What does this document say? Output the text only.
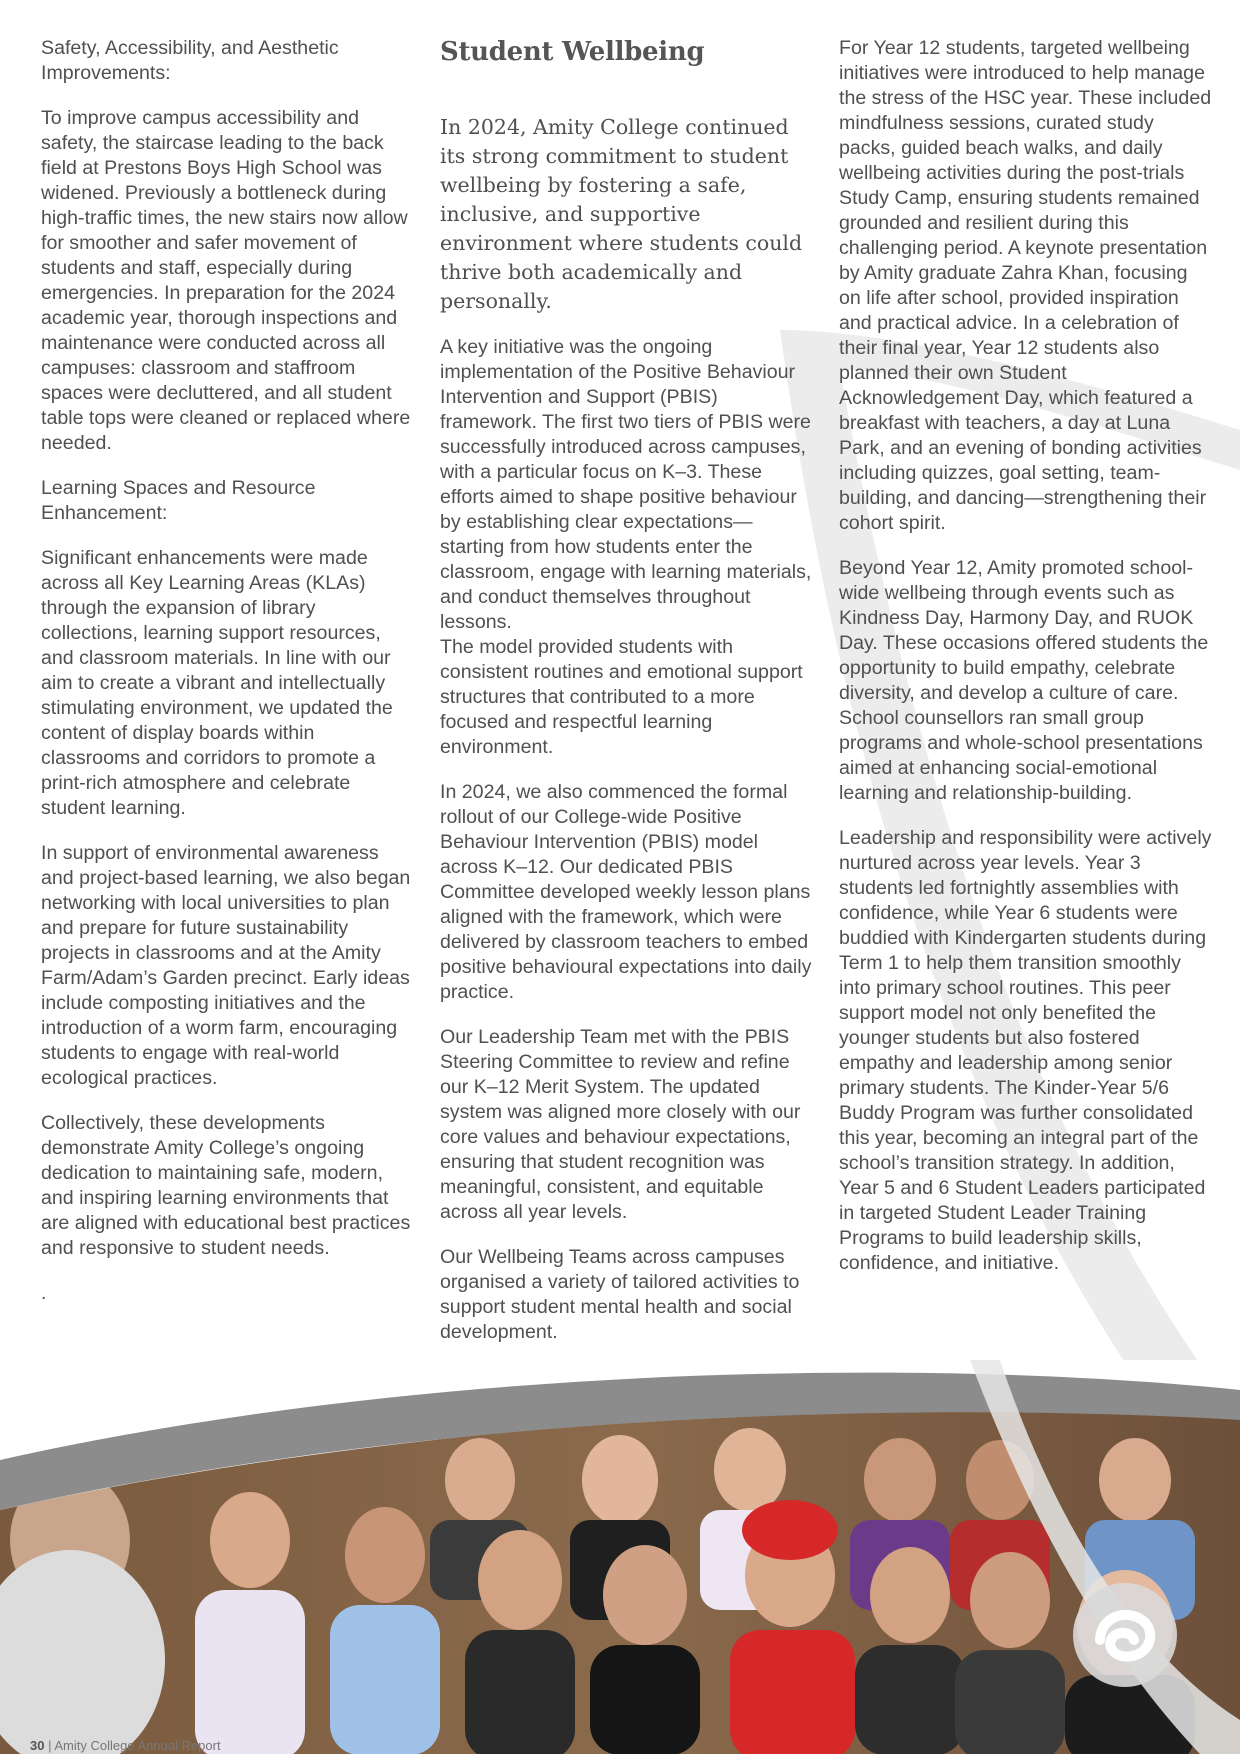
Safety, Accessibility, and Aesthetic Improvements:

To improve campus accessibility and safety, the staircase leading to the back field at Prestons Boys High School was widened. Previously a bottleneck during high-traffic times, the new stairs now allow for smoother and safer movement of students and staff, especially during emergencies. In preparation for the 2024 academic year, thorough inspections and maintenance were conducted across all campuses: classroom and staffroom spaces were decluttered, and all student table tops were cleaned or replaced where needed.

Learning Spaces and Resource Enhancement:

Significant enhancements were made across all Key Learning Areas (KLAs) through the expansion of library collections, learning support resources, and classroom materials. In line with our aim to create a vibrant and intellectually stimulating environment, we updated the content of display boards within classrooms and corridors to promote a print-rich atmosphere and celebrate student learning.

In support of environmental awareness and project-based learning, we also began networking with local universities to plan and prepare for future sustainability projects in classrooms and at the Amity Farm/Adam’s Garden precinct. Early ideas include composting initiatives and the introduction of a worm farm, encouraging students to engage with real-world ecological practices.

Collectively, these developments demonstrate Amity College’s ongoing dedication to maintaining safe, modern, and inspiring learning environments that are aligned with educational best practices and responsive to student needs.

.

Student Wellbeing

In 2024, Amity College continued its strong commitment to student wellbeing by fostering a safe, inclusive, and supportive environment where students could thrive both academically and personally.

A key initiative was the ongoing implementation of the Positive Behaviour Intervention and Support (PBIS) framework. The first two tiers of PBIS were successfully introduced across campuses, with a particular focus on K–3. These efforts aimed to shape positive behaviour by establishing clear expectations—starting from how students enter the classroom, engage with learning materials, and conduct themselves throughout lessons.

The model provided students with consistent routines and emotional support structures that contributed to a more focused and respectful learning environment.

In 2024, we also commenced the formal rollout of our College-wide Positive Behaviour Intervention (PBIS) model across K–12. Our dedicated PBIS Committee developed weekly lesson plans aligned with the framework, which were delivered by classroom teachers to embed positive behavioural expectations into daily practice.

Our Leadership Team met with the PBIS Steering Committee to review and refine our K–12 Merit System. The updated system was aligned more closely with our core values and behaviour expectations, ensuring that student recognition was meaningful, consistent, and equitable across all year levels.

Our Wellbeing Teams across campuses organised a variety of tailored activities to support student mental health and social development.

For Year 12 students, targeted wellbeing initiatives were introduced to help manage the stress of the HSC year. These included mindfulness sessions, curated study packs, guided beach walks, and daily wellbeing activities during the post-trials Study Camp, ensuring students remained grounded and resilient during this challenging period. A keynote presentation by Amity graduate Zahra Khan, focusing on life after school, provided inspiration and practical advice. In a celebration of their final year, Year 12 students also planned their own Student Acknowledgement Day, which featured a breakfast with teachers, a day at Luna Park, and an evening of bonding activities including quizzes, goal setting, team-building, and dancing—strengthening their cohort spirit.

Beyond Year 12, Amity promoted school-wide wellbeing through events such as Kindness Day, Harmony Day, and RUOK Day. These occasions offered students the opportunity to build empathy, celebrate diversity, and develop a culture of care. School counsellors ran small group programs and whole-school presentations aimed at enhancing social-emotional learning and relationship-building.

Leadership and responsibility were actively nurtured across year levels. Year 3 students led fortnightly assemblies with confidence, while Year 6 students were buddied with Kindergarten students during Term 1 to help them transition smoothly into primary school routines. This peer support model not only benefited the younger students but also fostered empathy and leadership among senior primary students. The Kinder-Year 5/6 Buddy Program was further consolidated this year, becoming an integral part of the school’s transition strategy. In addition, Year 5 and 6 Student Leaders participated in targeted Student Leader Training Programs to build leadership skills, confidence, and initiative.

30 | Amity College Annual Report
